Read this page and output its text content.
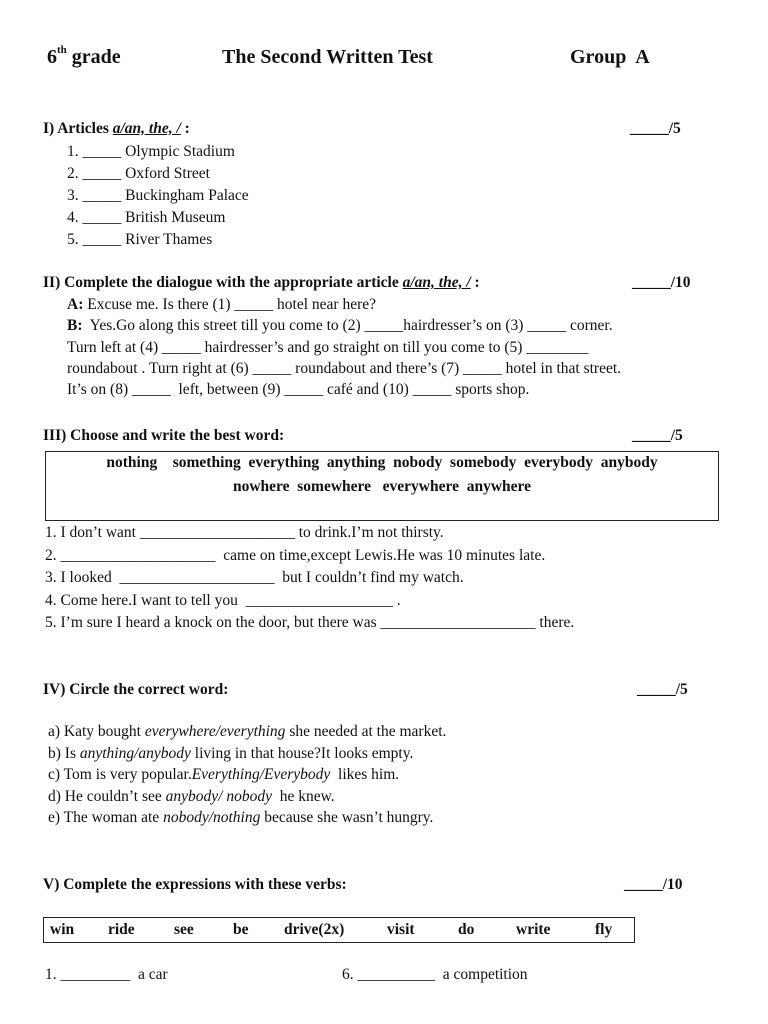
6th grade	The Second Written Test	Group  A
I) Articles a/an, the, / :	_____/5
1. _____ Olympic Stadium
2. _____ Oxford Street
3. _____ Buckingham Palace
4. _____ British Museum
5. _____ River Thames
II) Complete the dialogue with the appropriate article a/an, the, / :	_____/10
A: Excuse me. Is there (1) _____ hotel near here?
B:  Yes.Go along this street till you come to (2) _____hairdresser’s on (3) _____ corner.
Turn left at (4) _____ hairdresser’s and go straight on till you come to (5) ________
roundabout . Turn right at (6) _____ roundabout and there’s (7) _____ hotel in that street.
It’s on (8) _____  left, between (9) _____ café and (10) _____ sports shop.
III) Choose and write the best word:	_____/5
nothing    something  everything  anything  nobody  somebody  everybody  anybody
nowhere  somewhere   everywhere  anywhere
1. I don’t want ____________________ to drink.I’m not thirsty.
2. ____________________  came on time,except Lewis.He was 10 minutes late.
3. I looked  ____________________  but I couldn’t find my watch.
4. Come here.I want to tell you  ___________________ .
5. I’m sure I heard a knock on the door, but there was ____________________ there.
IV) Circle the correct word:	_____/5
a) Katy bought everywhere/everything she needed at the market.
b) Is anything/anybody living in that house?It looks empty.
c) Tom is very popular.Everything/Everybody  likes him.
d) He couldn’t see anybody/ nobody  he knew.
e) The woman ate nobody/nothing because she wasn’t hungry.
V) Complete the expressions with these verbs:	_____/10
win ride	see	be drive(2x)	visit	do	write	fly
1. _________  a car	6. __________  a competition
